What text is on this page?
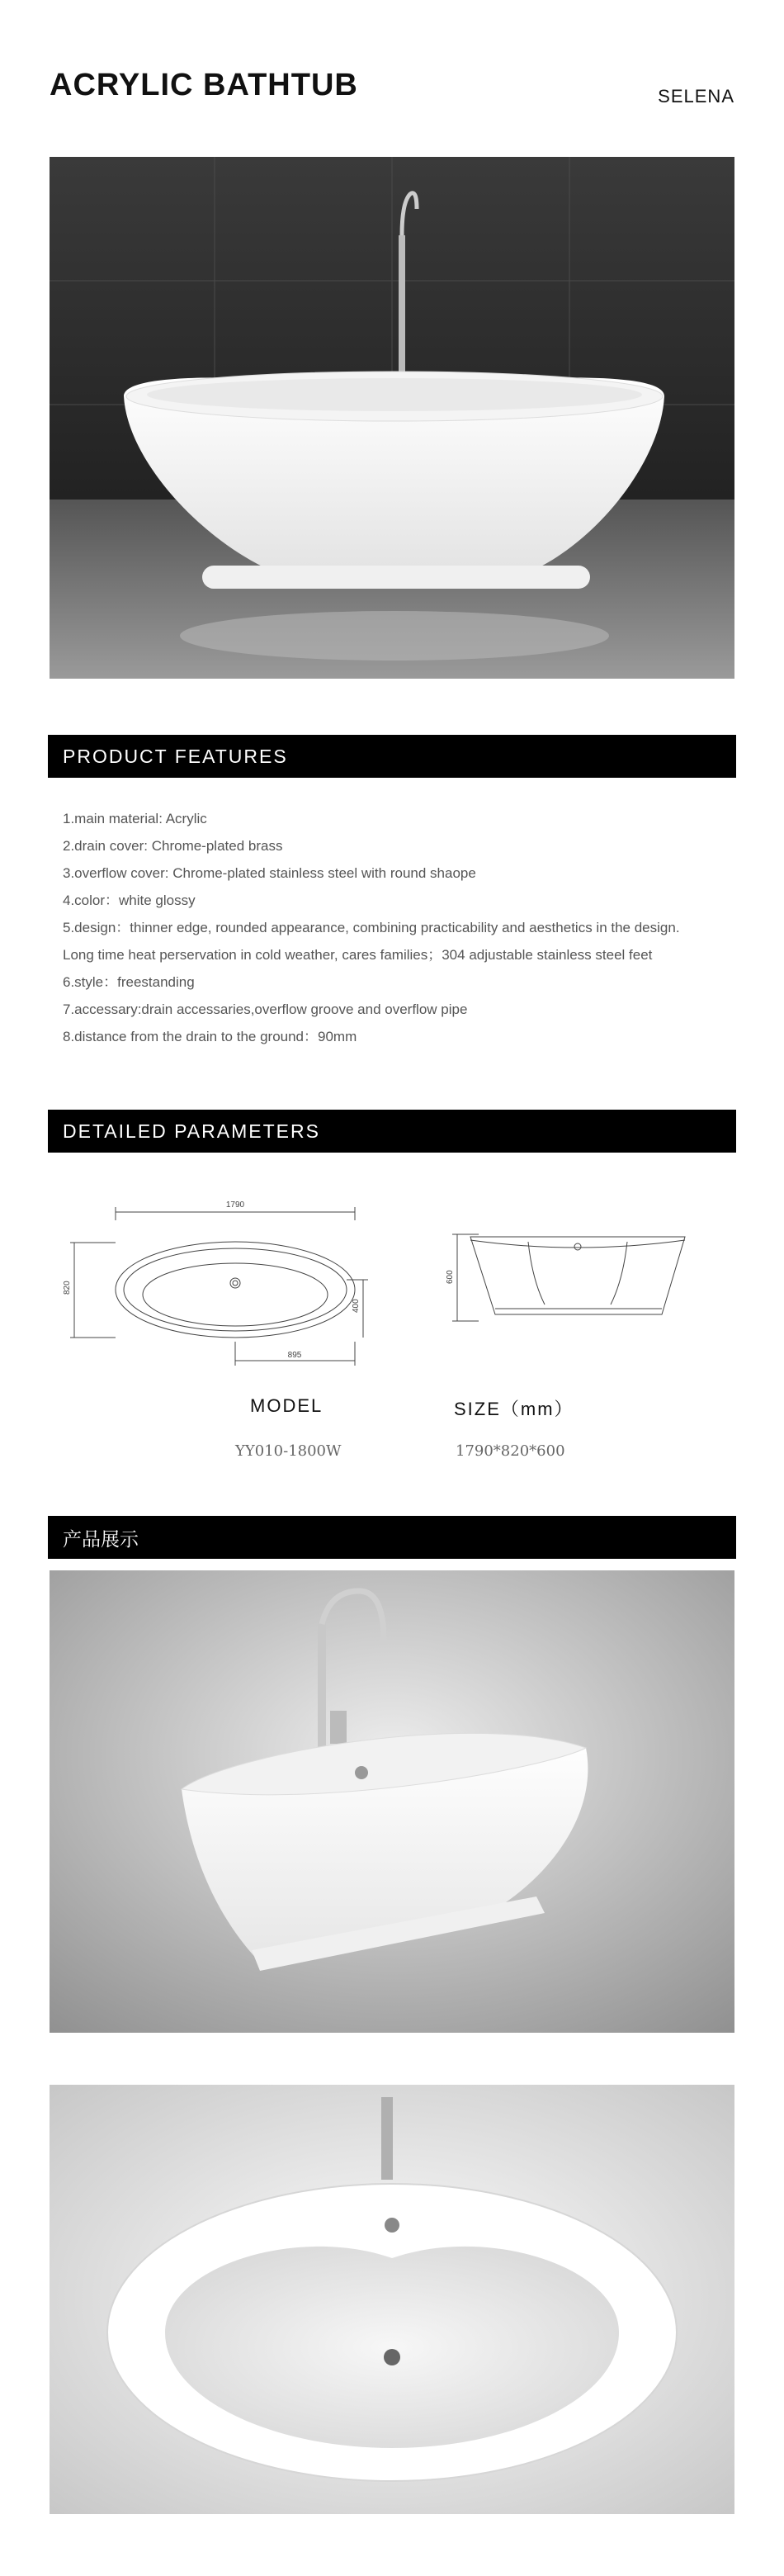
ACRYLIC BATHTUB	SELENA
PRODUCT FEATURES
1.main material: Acrylic
2.drain cover: Chrome-plated brass
3.overflow cover: Chrome-plated stainless steel with round shaope
4.color：white glossy
5.design：thinner edge, rounded appearance, combining practicability and aesthetics in the design. Long time heat perservation in cold weather, cares families；304 adjustable stainless steel feet
6.style：freestanding
7.accessary:drain accessaries,overflow groove and overflow pipe
8.distance from the drain to the ground：90mm
DETAILED PARAMETERS
1790
820
400
895
600
MODEL	SIZE（mm）
YY010-1800W	1790*820*600
产品展示
